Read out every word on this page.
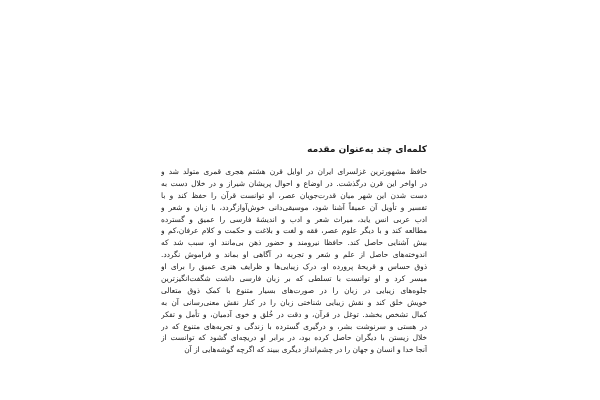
کلمه‌ای چند به‌عنوان مقدمه
حافظ مشهورترین غزلسرای ایران در اوایل قرن هشتم هجری قمری متولد شد و
در اواخر این قرن درگذشت. در اوضاع و احوال پریشان شیراز و در خلال دست به
دست شدن این شهر میان قدرت‌جویان عصر، او توانست قرآن را حفظ کند و با
تفسیر و تأویل آن عمیقاً آشنا شود، موسیقی‌دانی خوش‌آوازگردد، با زبان و شعر و
ادب عربی انس یابد، میراث شعر و ادب و اندیشهٔ فارسی را عمیق و گسترده
مطالعه کند و با دیگر علوم عصر، فقه و لغت و بلاغت و حکمت و کلام عرفان،کم و
بیش آشنایی حاصل کند. حافظا نیرومند و حضور ذهن بی‌مانند او، سبب شد که
اندوخته‌های حاصل از علم و شعر و تجربه در آگاهی او بماند و فراموش نگردد.
ذوق حساس و قریحهٔ پرورده او، درک زیبایی‌ها و ظرایف هنری عمیق را برای او
میسر کرد و او توانست با تسلطی که بر زبان فارسی داشت شگفت‌انگیزترین
جلوه‌های زیبایی در زبان را در صورت‌های بسیار متنوع با کمک ذوق متعالی
خویش خلق کند و نقش زیبایی شناختی زبان را در کنار نقش معنی‌رسانی آن به
کمال تشخص بخشد. توغل در قرآن، و دقت در خُلق و خوی آدمیان، و تأمل و تفکر
در هستی و سرنوشت بشر، و درگیری گسترده با زندگی و تجربه‌های متنوع که در
خلال زیستن با دیگران حاصل کرده بود، در برابر او دریچه‌ای گشود که توانست از
آنجا خدا و انسان و جهان را در چشم‌انداز دیگری ببیند که اگرچه گوشه‌هایی از آن
